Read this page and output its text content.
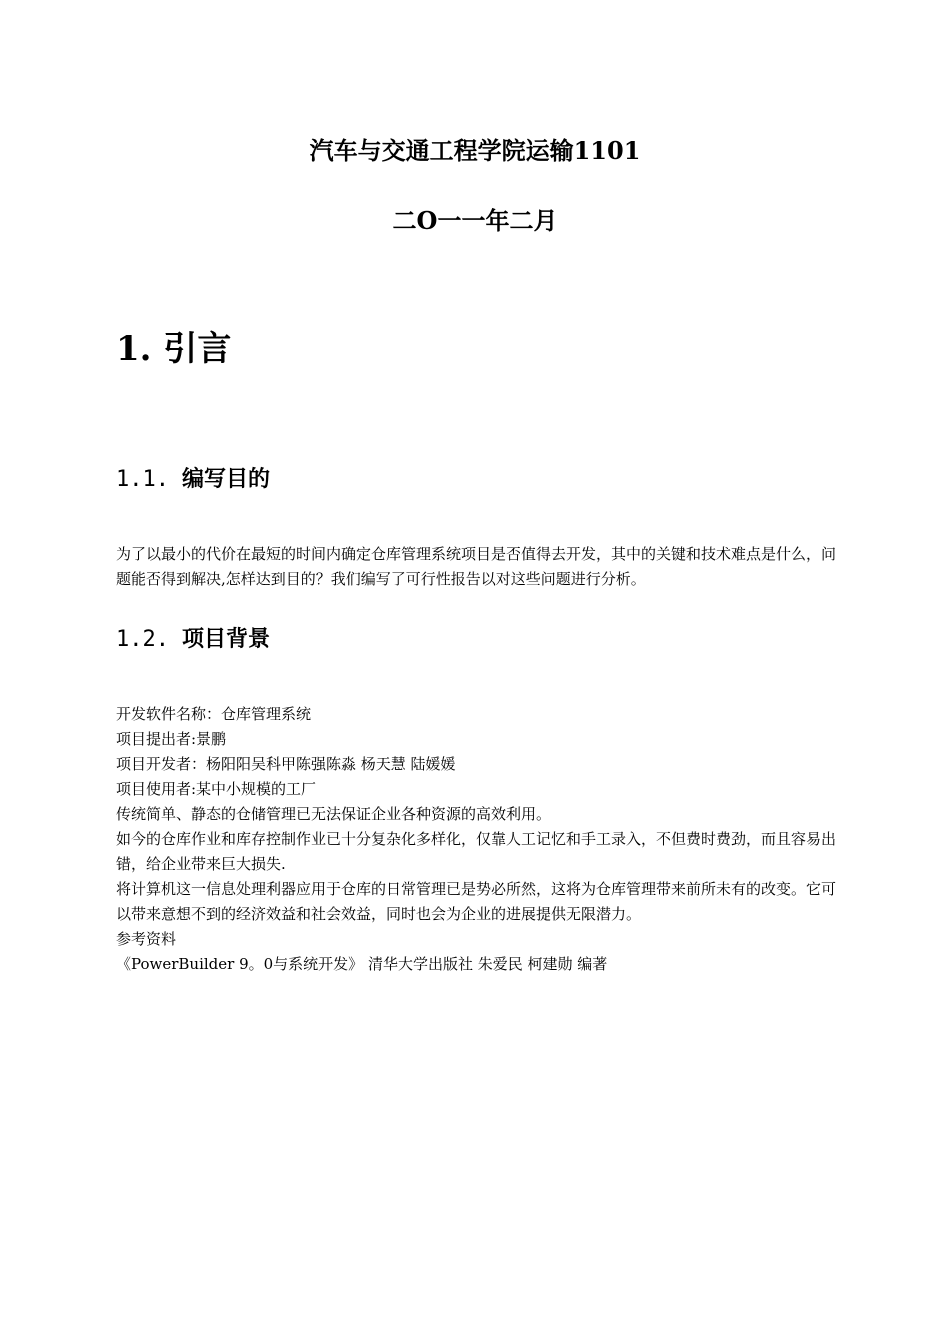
汽车与交通工程学院运输1101
二O一一年二月
1. 引言
1.1. 编写目的
为了以最小的代价在最短的时间内确定仓库管理系统项目是否值得去开发，其中的关键和技术难点是什么，问题能否得到解决,怎样达到目的？我们编写了可行性报告以对这些问题进行分析。
1.2. 项目背景
开发软件名称：仓库管理系统
项目提出者:景鹏
项目开发者：杨阳阳吴科甲陈强陈淼 杨天慧 陆媛媛
项目使用者:某中小规模的工厂
传统简单、静态的仓储管理已无法保证企业各种资源的高效利用。
如今的仓库作业和库存控制作业已十分复杂化多样化，仅靠人工记忆和手工录入，不但费时费劲，而且容易出错，给企业带来巨大损失.
将计算机这一信息处理利器应用于仓库的日常管理已是势必所然，这将为仓库管理带来前所未有的改变。它可以带来意想不到的经济效益和社会效益，同时也会为企业的进展提供无限潜力。
参考资料
《PowerBuilder 9。0与系统开发》 清华大学出版社 朱爱民 柯建勋 编著
